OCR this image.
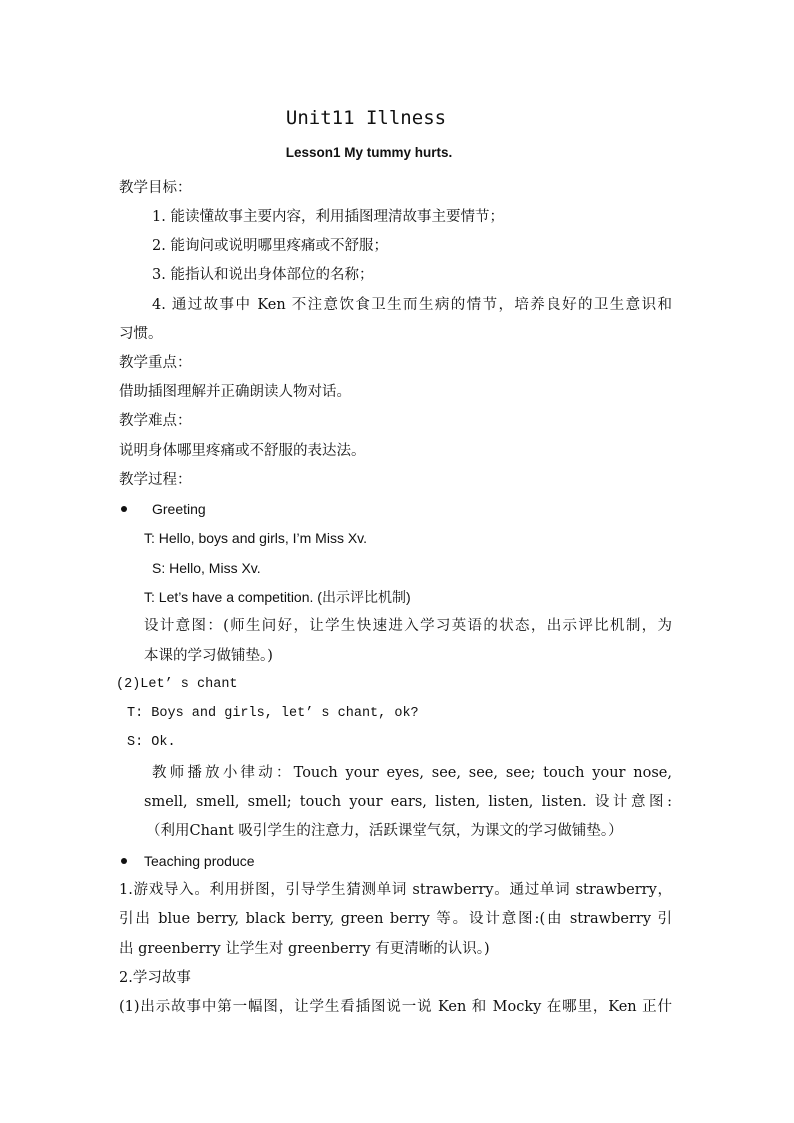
Unit11 Illness
Lesson1 My tummy hurts.
教学目标：
1. 能读懂故事主要内容，利用插图理清故事主要情节；
2. 能询问或说明哪里疼痛或不舒服；
3. 能指认和说出身体部位的名称；
4. 通过故事中 Ken 不注意饮食卫生而生病的情节，培养良好的卫生意识和
习惯。
教学重点：
借助插图理解并正确朗读人物对话。
教学难点：
说明身体哪里疼痛或不舒服的表达法。
教学过程：
Greeting
T: Hello, boys and girls, I’m Miss Xv.
S: Hello, Miss Xv.
T: Let’s have a competition. (出示评比机制)
设计意图：(师生问好，让学生快速进入学习英语的状态，出示评比机制，为
本课的学习做铺垫。)
(2)Let’ s chant
T: Boys and girls, let’ s chant, ok?
S: Ok.
教师播放小律动：Touch your eyes, see, see, see; touch your nose,
smell, smell, smell; touch your ears, listen, listen, listen. 设计意图:
（利用Chant 吸引学生的注意力，活跃课堂气氛，为课文的学习做铺垫。）
Teaching produce
1.游戏导入。利用拼图，引导学生猜测单词 strawberry。通过单词 strawberry，
引出 blue berry, black berry, green berry 等。设计意图:(由 strawberry 引
出 greenberry 让学生对 greenberry 有更清晰的认识。)
2.学习故事
(1)出示故事中第一幅图，让学生看插图说一说 Ken 和 Mocky 在哪里，Ken 正什
